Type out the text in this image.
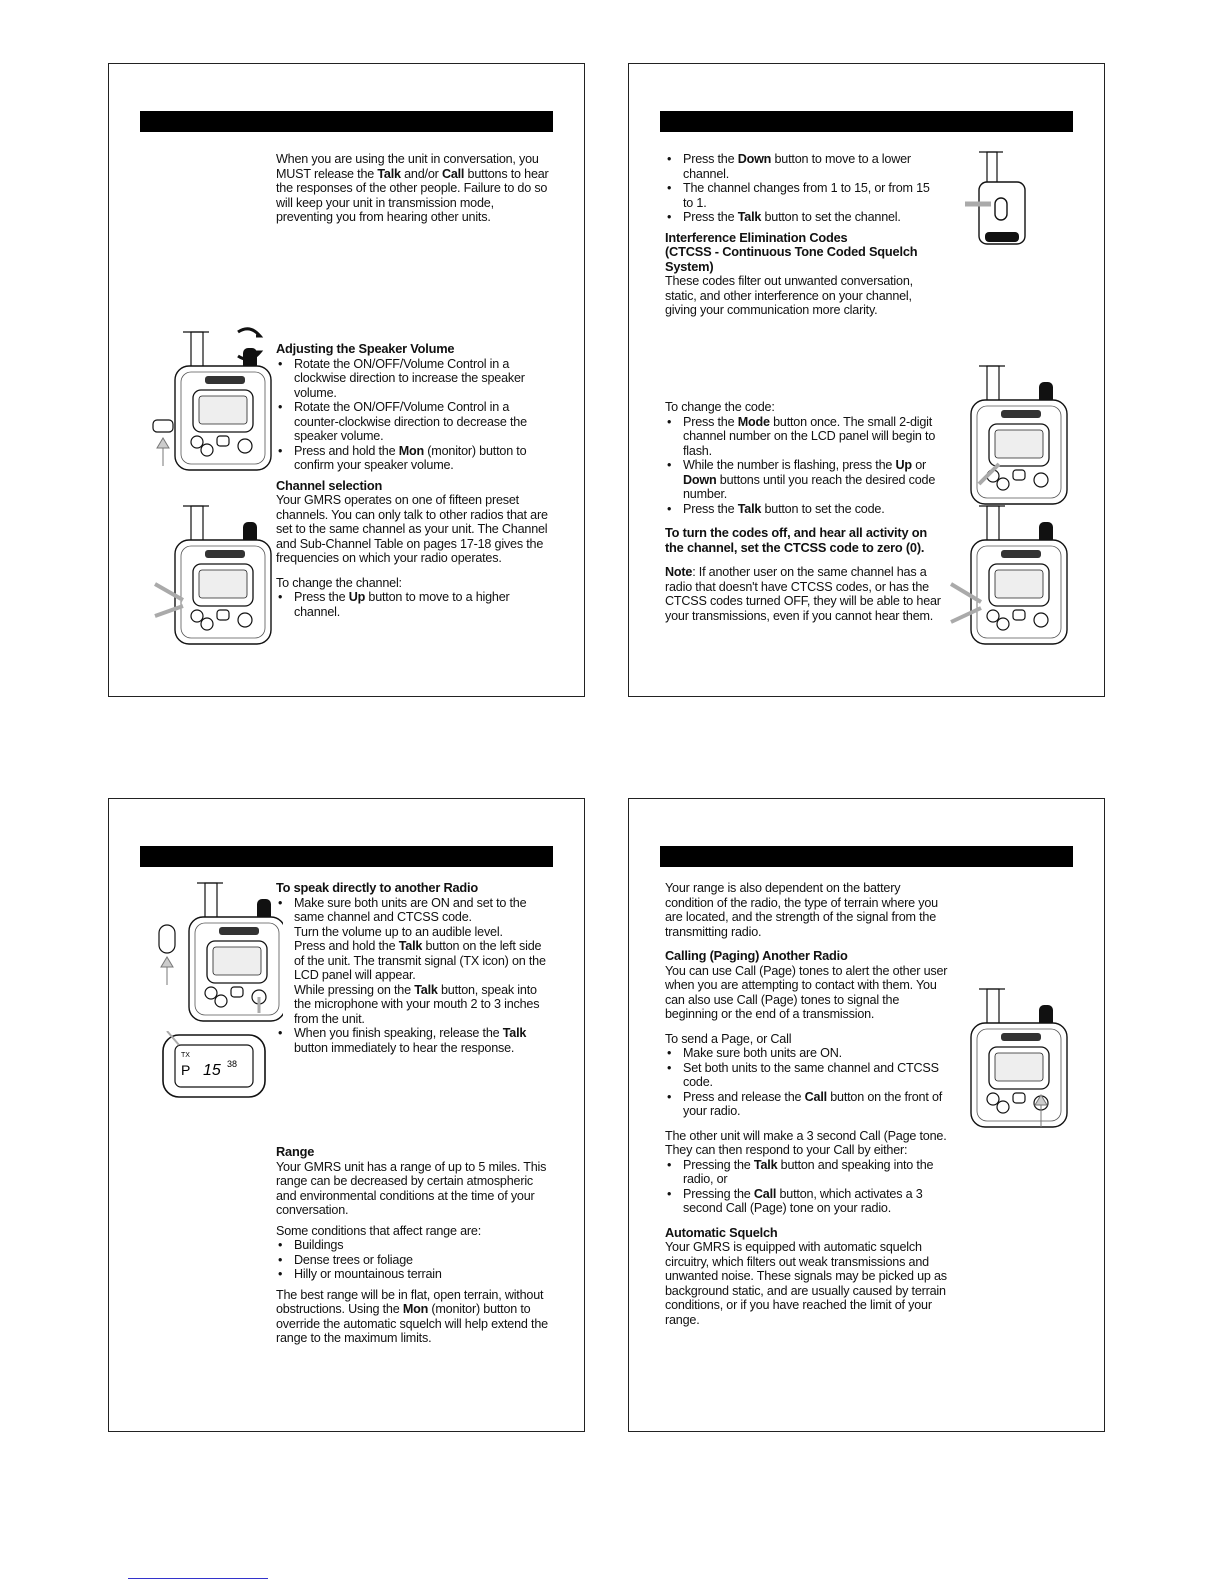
When you are using the unit in conversation, you MUST release the Talk and/or Call buttons to hear the responses of the other people. Failure to do so will keep your unit in transmission mode, preventing you from hearing other units.

Adjusting the Speaker Volume
• Rotate the ON/OFF/Volume Control in a clockwise direction to increase the speaker volume.
• Rotate the ON/OFF/Volume Control in a counter-clockwise direction to decrease the speaker volume.
• Press and hold the Mon (monitor) button to confirm your speaker volume.
Channel selection

Your GMRS operates on one of fifteen preset channels. You can only talk to other radios that are set to the same channel as your unit. The Channel and Sub-Channel Table on pages 17-18 gives the frequencies on which your radio operates.

To change the channel:

• Press the Up button to move to a higher channel.
• Press the Down button to move to a lower channel.
• The channel changes from 1 to 15, or from 15 to 1.
• Press the Talk button to set the channel.
Interference Elimination Codes
(CTCSS - Continuous Tone Coded Squelch System)

These codes filter out unwanted conversation, static, and other interference on your channel, giving your communication more clarity.

To change the code:

• Press the Mode button once. The small 2-digit channel number on the LCD panel will begin to flash.
• While the number is flashing, press the Up or Down buttons until you reach the desired code number.
• Press the Talk button to set the code.
To turn the codes off, and hear all activity on the channel, set the CTCSS code to zero (0).

Note: If another user on the same channel has a radio that doesn't have CTCSS codes, or has the CTCSS codes turned OFF, they will be able to hear your transmissions, even if you cannot hear them.

To speak directly to another Radio
• Make sure both units are ON and set to the same channel and CTCSS code.
• Turn the volume up to an audible level.
• Press and hold the Talk button on the left side of the unit. The transmit signal (TX icon) on the LCD panel will appear.
• While pressing on the Talk button, speak into the microphone with your mouth 2 to 3 inches from the unit.
• When you finish speaking, release the Talk button immediately to hear the response.
Range

Your GMRS unit has a range of up to 5 miles. This range can be decreased by certain atmospheric and environmental conditions at the time of your conversation.

Some conditions that affect range are:

• Buildings
• Dense trees or foliage
• Hilly or mountainous terrain

The best range will be in flat, open terrain, without obstructions. Using the Mon (monitor) button to override the automatic squelch will help extend the range to the maximum limits.

TX
P 15 38

Your range is also dependent on the battery condition of the radio, the type of terrain where you are located, and the strength of the signal from the transmitting radio.

Calling (Paging) Another Radio

You can use Call (Page) tones to alert the other user when you are attempting to contact with them. You can also use Call (Page) tones to signal the beginning or the end of a transmission.

To send a Page, or Call

• Make sure both units are ON.
• Set both units to the same channel and CTCSS code.
• Press and release the Call button on the front of your radio.

The other unit will make a 3 second Call (Page tone. They can then respond to your Call by either:

• Pressing the Talk button and speaking into the radio, or
• Pressing the Call button, which activates a 3 second Call (Page) tone on your radio.
Automatic Squelch

Your GMRS is equipped with automatic squelch circuitry, which filters out weak transmissions and unwanted noise. These signals may be picked up as background static, and are usually caused by terrain conditions, or if you have reached the limit of your range.
